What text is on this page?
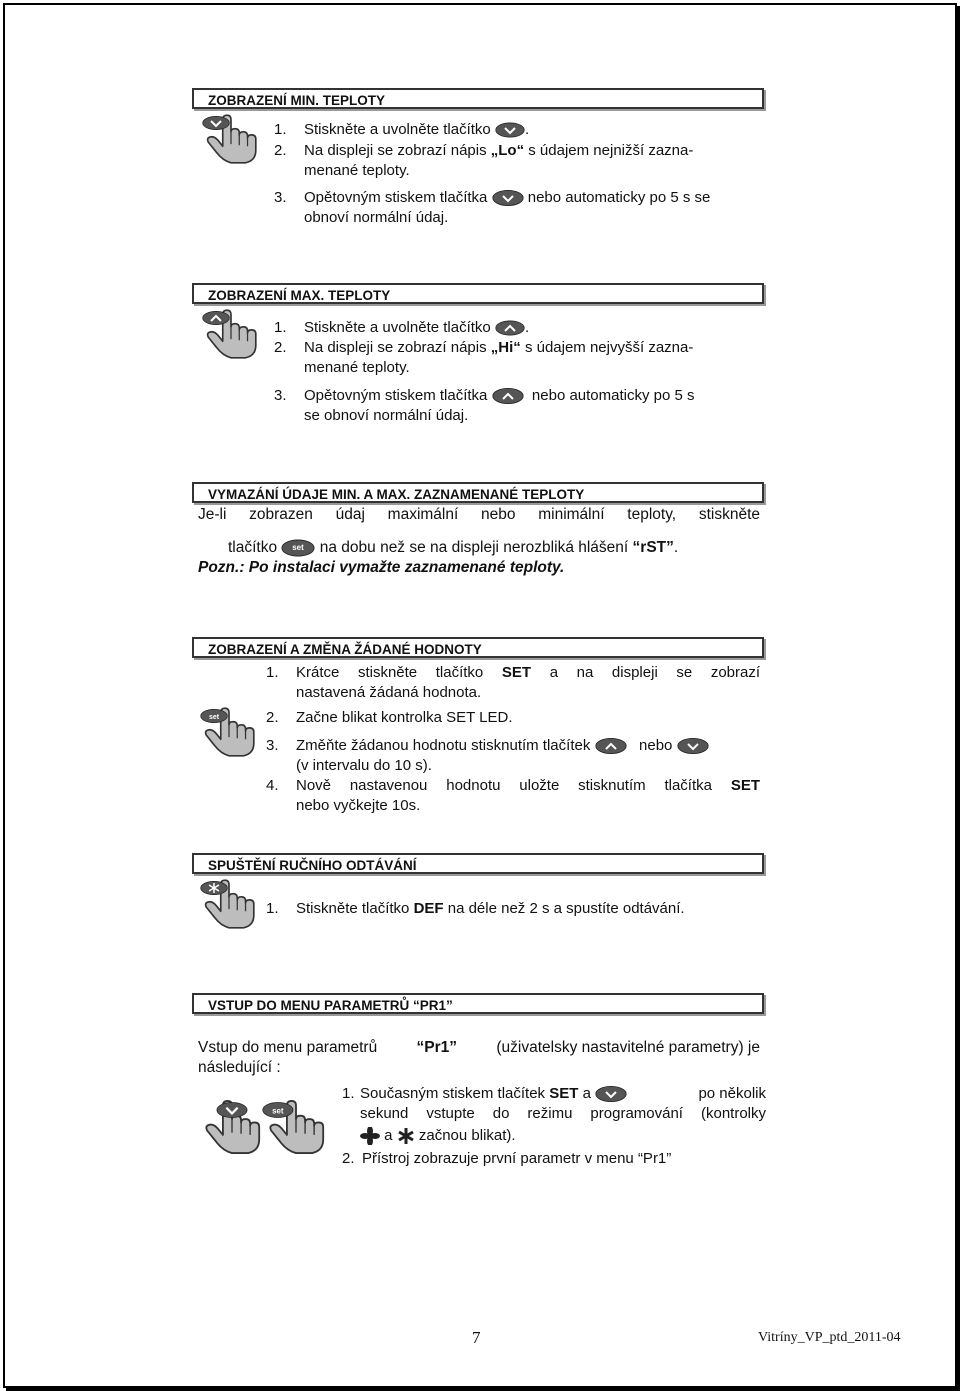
ZOBRAZENÍ MIN. TEPLOTY
1. Stiskněte a uvolněte tlačítko .
2. Na displeji se zobrazí nápis „Lo“ s údajem nejnižší zazna-
menané teploty.
3. Opětovným stiskem tlačítka	nebo automaticky po 5 s se
obnoví normální údaj.
ZOBRAZENÍ MAX. TEPLOTY
1. Stiskněte a uvolněte tlačítko .
2. Na displeji se zobrazí nápis „Hi“ s údajem nejvyšší zazna-
menané teploty.
3. Opětovným stiskem tlačítka	nebo automaticky po 5 s
se obnoví normální údaj.
VYMAZÁNÍ ÚDAJE MIN. A MAX. ZAZNAMENANÉ TEPLOTY
Je-li zobrazen údaj maximální nebo minimální teploty, stiskněte
tlačítko set na dobu než se na displeji nerozbliká hlášení “rST”.
Pozn.: Po instalaci vymažte zaznamenané teploty.
ZOBRAZENÍ A ZMĚNA ŽÁDANÉ HODNOTY
1. Krátce stiskněte tlačítko SET a na displeji se zobrazí
nastavená žádaná hodnota.
set	2. Začne blikat kontrolka SET LED.
3. Změňte žádanou hodnotu stisknutím tlačítek	nebo
(v intervalu do 10 s).
4. Nově nastavenou hodnotu uložte stisknutím tlačítka SET
nebo vyčkejte 10s.
SPUŠTĚNÍ RUČNÍHO ODTÁVÁNÍ
1. Stiskněte tlačítko DEF na déle než 2 s a spustíte odtávání.
VSTUP DO MENU PARAMETRŮ “PR1”
Vstup do menu parametrů	“Pr1”	(uživatelsky nastavitelné parametry) je
následující :
set
1. Současným stiskem tlačítek SET a	po několik
sekund vstupte do režimu programování (kontrolky
a začnou blikat).
2. Přístroj zobrazuje první parametr v menu “Pr1”
7	Vitríny_VP_ptd_2011-04
